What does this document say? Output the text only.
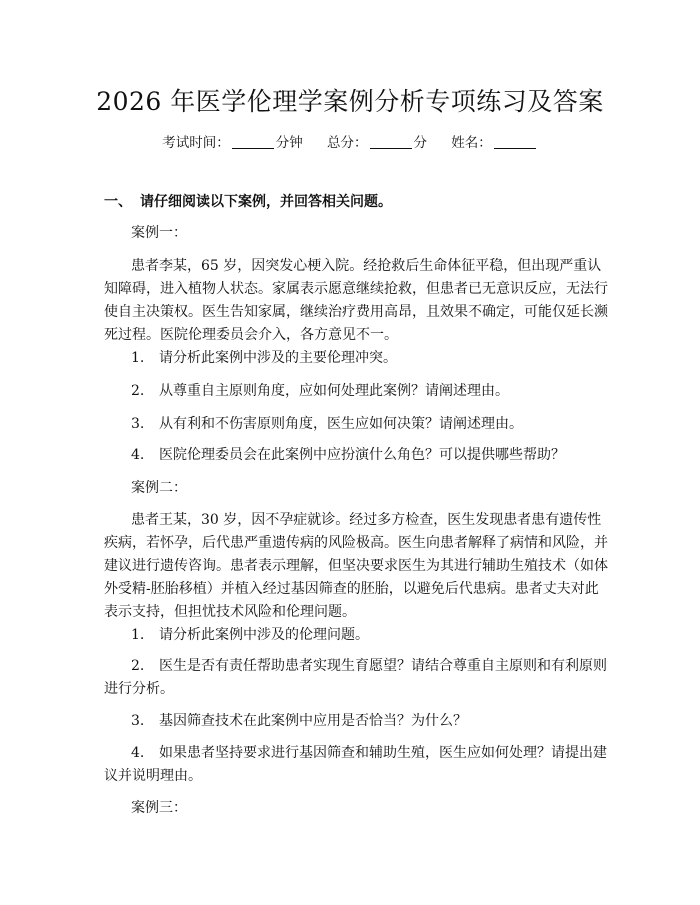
2026 年医学伦理学案例分析专项练习及答案
考试时间：	分钟 总分：	分 姓名：
一、 请仔细阅读以下案例，并回答相关问题。
案例一：
患者李某，65 岁，因突发心梗入院。经抢救后生命体征平稳，但出现严重认
知障碍，进入植物人状态。家属表示愿意继续抢救，但患者已无意识反应，无法行
使自主决策权。医生告知家属，继续治疗费用高昂，且效果不确定，可能仅延长濒
死过程。医院伦理委员会介入，各方意见不一。
1. 请分析此案例中涉及的主要伦理冲突。
2. 从尊重自主原则角度，应如何处理此案例？请阐述理由。
3. 从有利和不伤害原则角度，医生应如何决策？请阐述理由。
4. 医院伦理委员会在此案例中应扮演什么角色？可以提供哪些帮助？
案例二：
患者王某，30 岁，因不孕症就诊。经过多方检查，医生发现患者患有遗传性
疾病，若怀孕，后代患严重遗传病的风险极高。医生向患者解释了病情和风险，并
建议进行遗传咨询。患者表示理解，但坚决要求医生为其进行辅助生殖技术（如体
外受精-胚胎移植）并植入经过基因筛查的胚胎，以避免后代患病。患者丈夫对此
表示支持，但担忧技术风险和伦理问题。
1. 请分析此案例中涉及的伦理问题。
2. 医生是否有责任帮助患者实现生育愿望？请结合尊重自主原则和有利原则
进行分析。
3. 基因筛查技术在此案例中应用是否恰当？为什么？
4. 如果患者坚持要求进行基因筛查和辅助生殖，医生应如何处理？请提出建
议并说明理由。
案例三：
